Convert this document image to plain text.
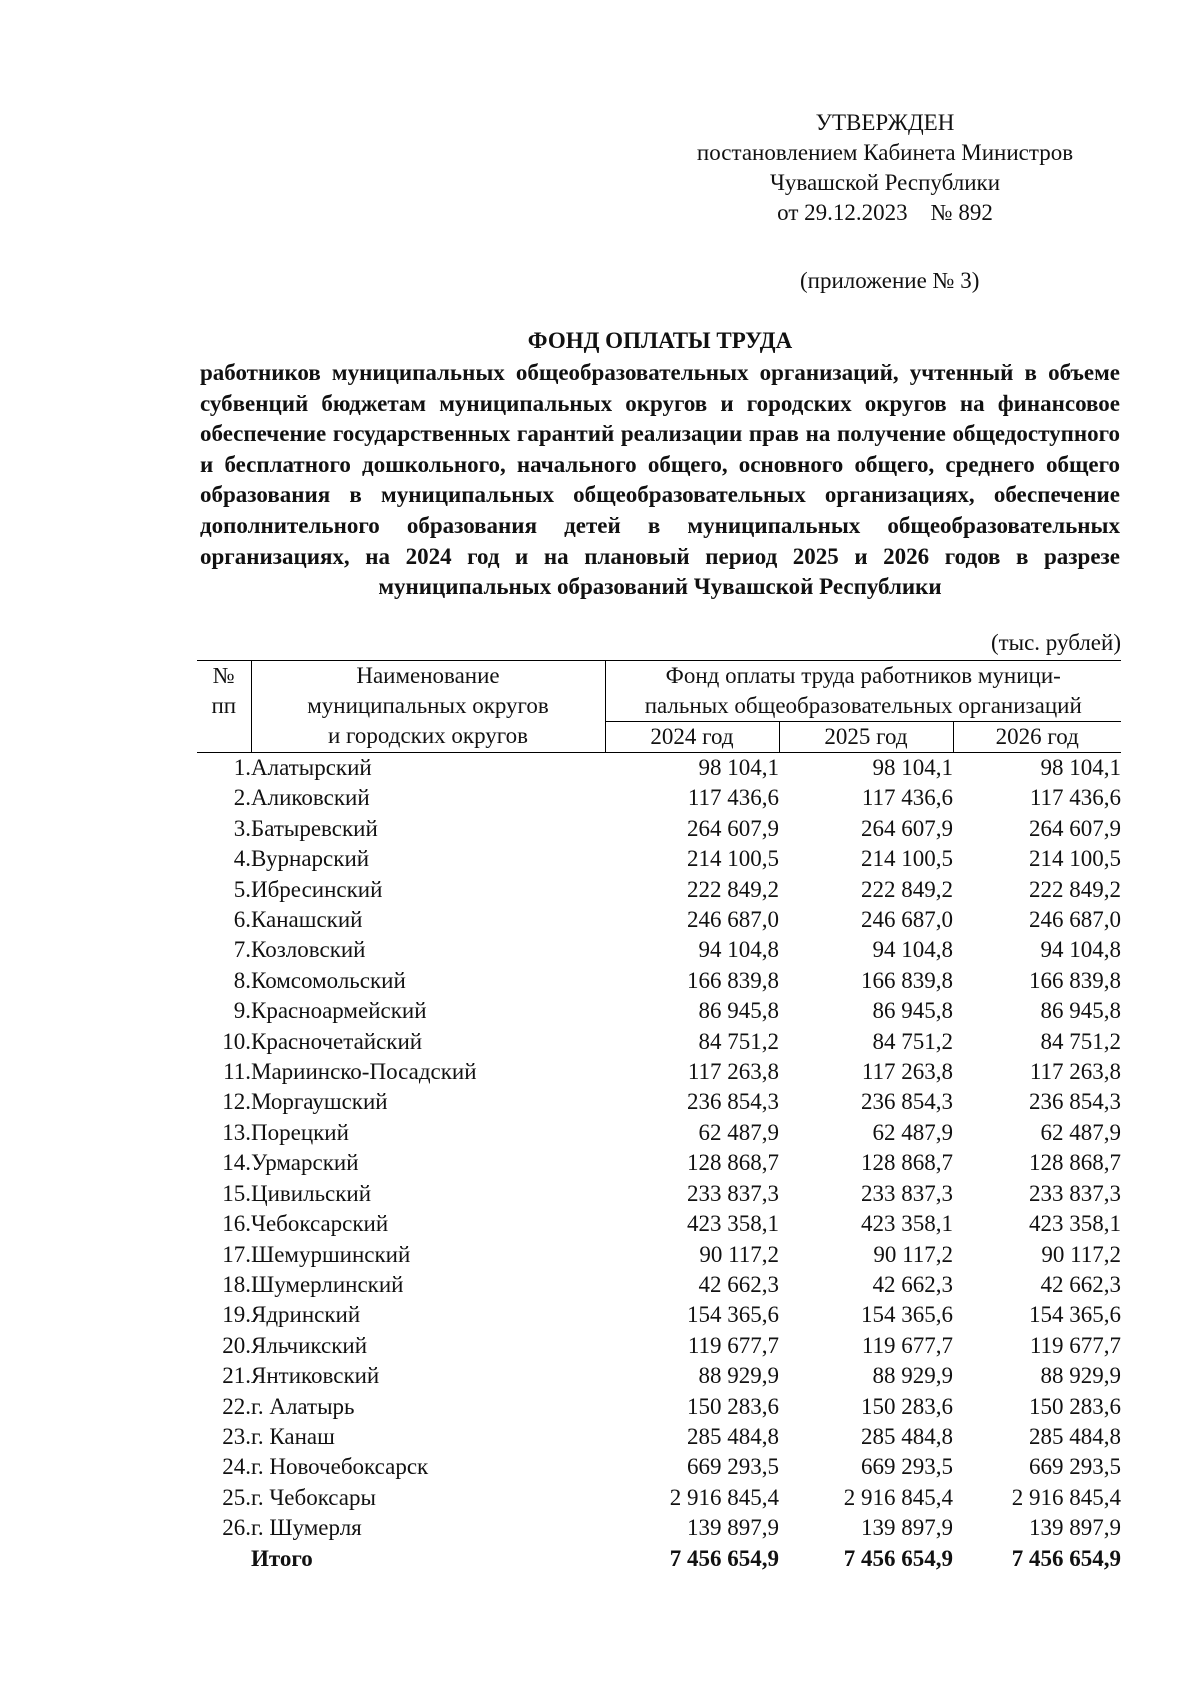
УТВЕРЖДЕН
постановлением Кабинета Министров
Чувашской Республики
от 29.12.2023    № 892
(приложение № 3)
ФОНД ОПЛАТЫ ТРУДА
работников муниципальных общеобразовательных организаций, учтенный в объеме субвенций бюджетам муниципальных округов и городских округов на финансовое обеспечение государственных гарантий реализации прав на получение общедоступного и бесплатного дошкольного, начального общего, основного общего, среднего общего образования в муниципальных общеобразовательных организациях, обеспечение дополнительного образования детей в муниципальных общеобразовательных организациях, на 2024 год и на плановый период 2025 и 2026 годов в разрезе муниципальных образований Чувашской Республики
(тыс. рублей)
№
пп	Наименование
муниципальных округов
и городских округов	Фонд оплаты труда работников муници-
пальных общеобразовательных организаций		
		2024 год	2025 год	2026 год
1.	Алатырский	98 104,1	98 104,1	98 104,1
2.	Аликовский	117 436,6	117 436,6	117 436,6
3.	Батыревский	264 607,9	264 607,9	264 607,9
4.	Вурнарский	214 100,5	214 100,5	214 100,5
5.	Ибресинский	222 849,2	222 849,2	222 849,2
6.	Канашский	246 687,0	246 687,0	246 687,0
7.	Козловский	94 104,8	94 104,8	94 104,8
8.	Комсомольский	166 839,8	166 839,8	166 839,8
9.	Красноармейский	86 945,8	86 945,8	86 945,8
10.	Красночетайский	84 751,2	84 751,2	84 751,2
11.	Мариинско-Посадский	117 263,8	117 263,8	117 263,8
12.	Моргаушский	236 854,3	236 854,3	236 854,3
13.	Порецкий	62 487,9	62 487,9	62 487,9
14.	Урмарский	128 868,7	128 868,7	128 868,7
15.	Цивильский	233 837,3	233 837,3	233 837,3
16.	Чебоксарский	423 358,1	423 358,1	423 358,1
17.	Шемуршинский	90 117,2	90 117,2	90 117,2
18.	Шумерлинский	42 662,3	42 662,3	42 662,3
19.	Ядринский	154 365,6	154 365,6	154 365,6
20.	Яльчикский	119 677,7	119 677,7	119 677,7
21.	Янтиковский	88 929,9	88 929,9	88 929,9
22.	г. Алатырь	150 283,6	150 283,6	150 283,6
23.	г. Канаш	285 484,8	285 484,8	285 484,8
24.	г. Новочебоксарск	669 293,5	669 293,5	669 293,5
25.	г. Чебоксары	2 916 845,4	2 916 845,4	2 916 845,4
26.	г. Шумерля	139 897,9	139 897,9	139 897,9
	Итого	7 456 654,9	7 456 654,9	7 456 654,9
